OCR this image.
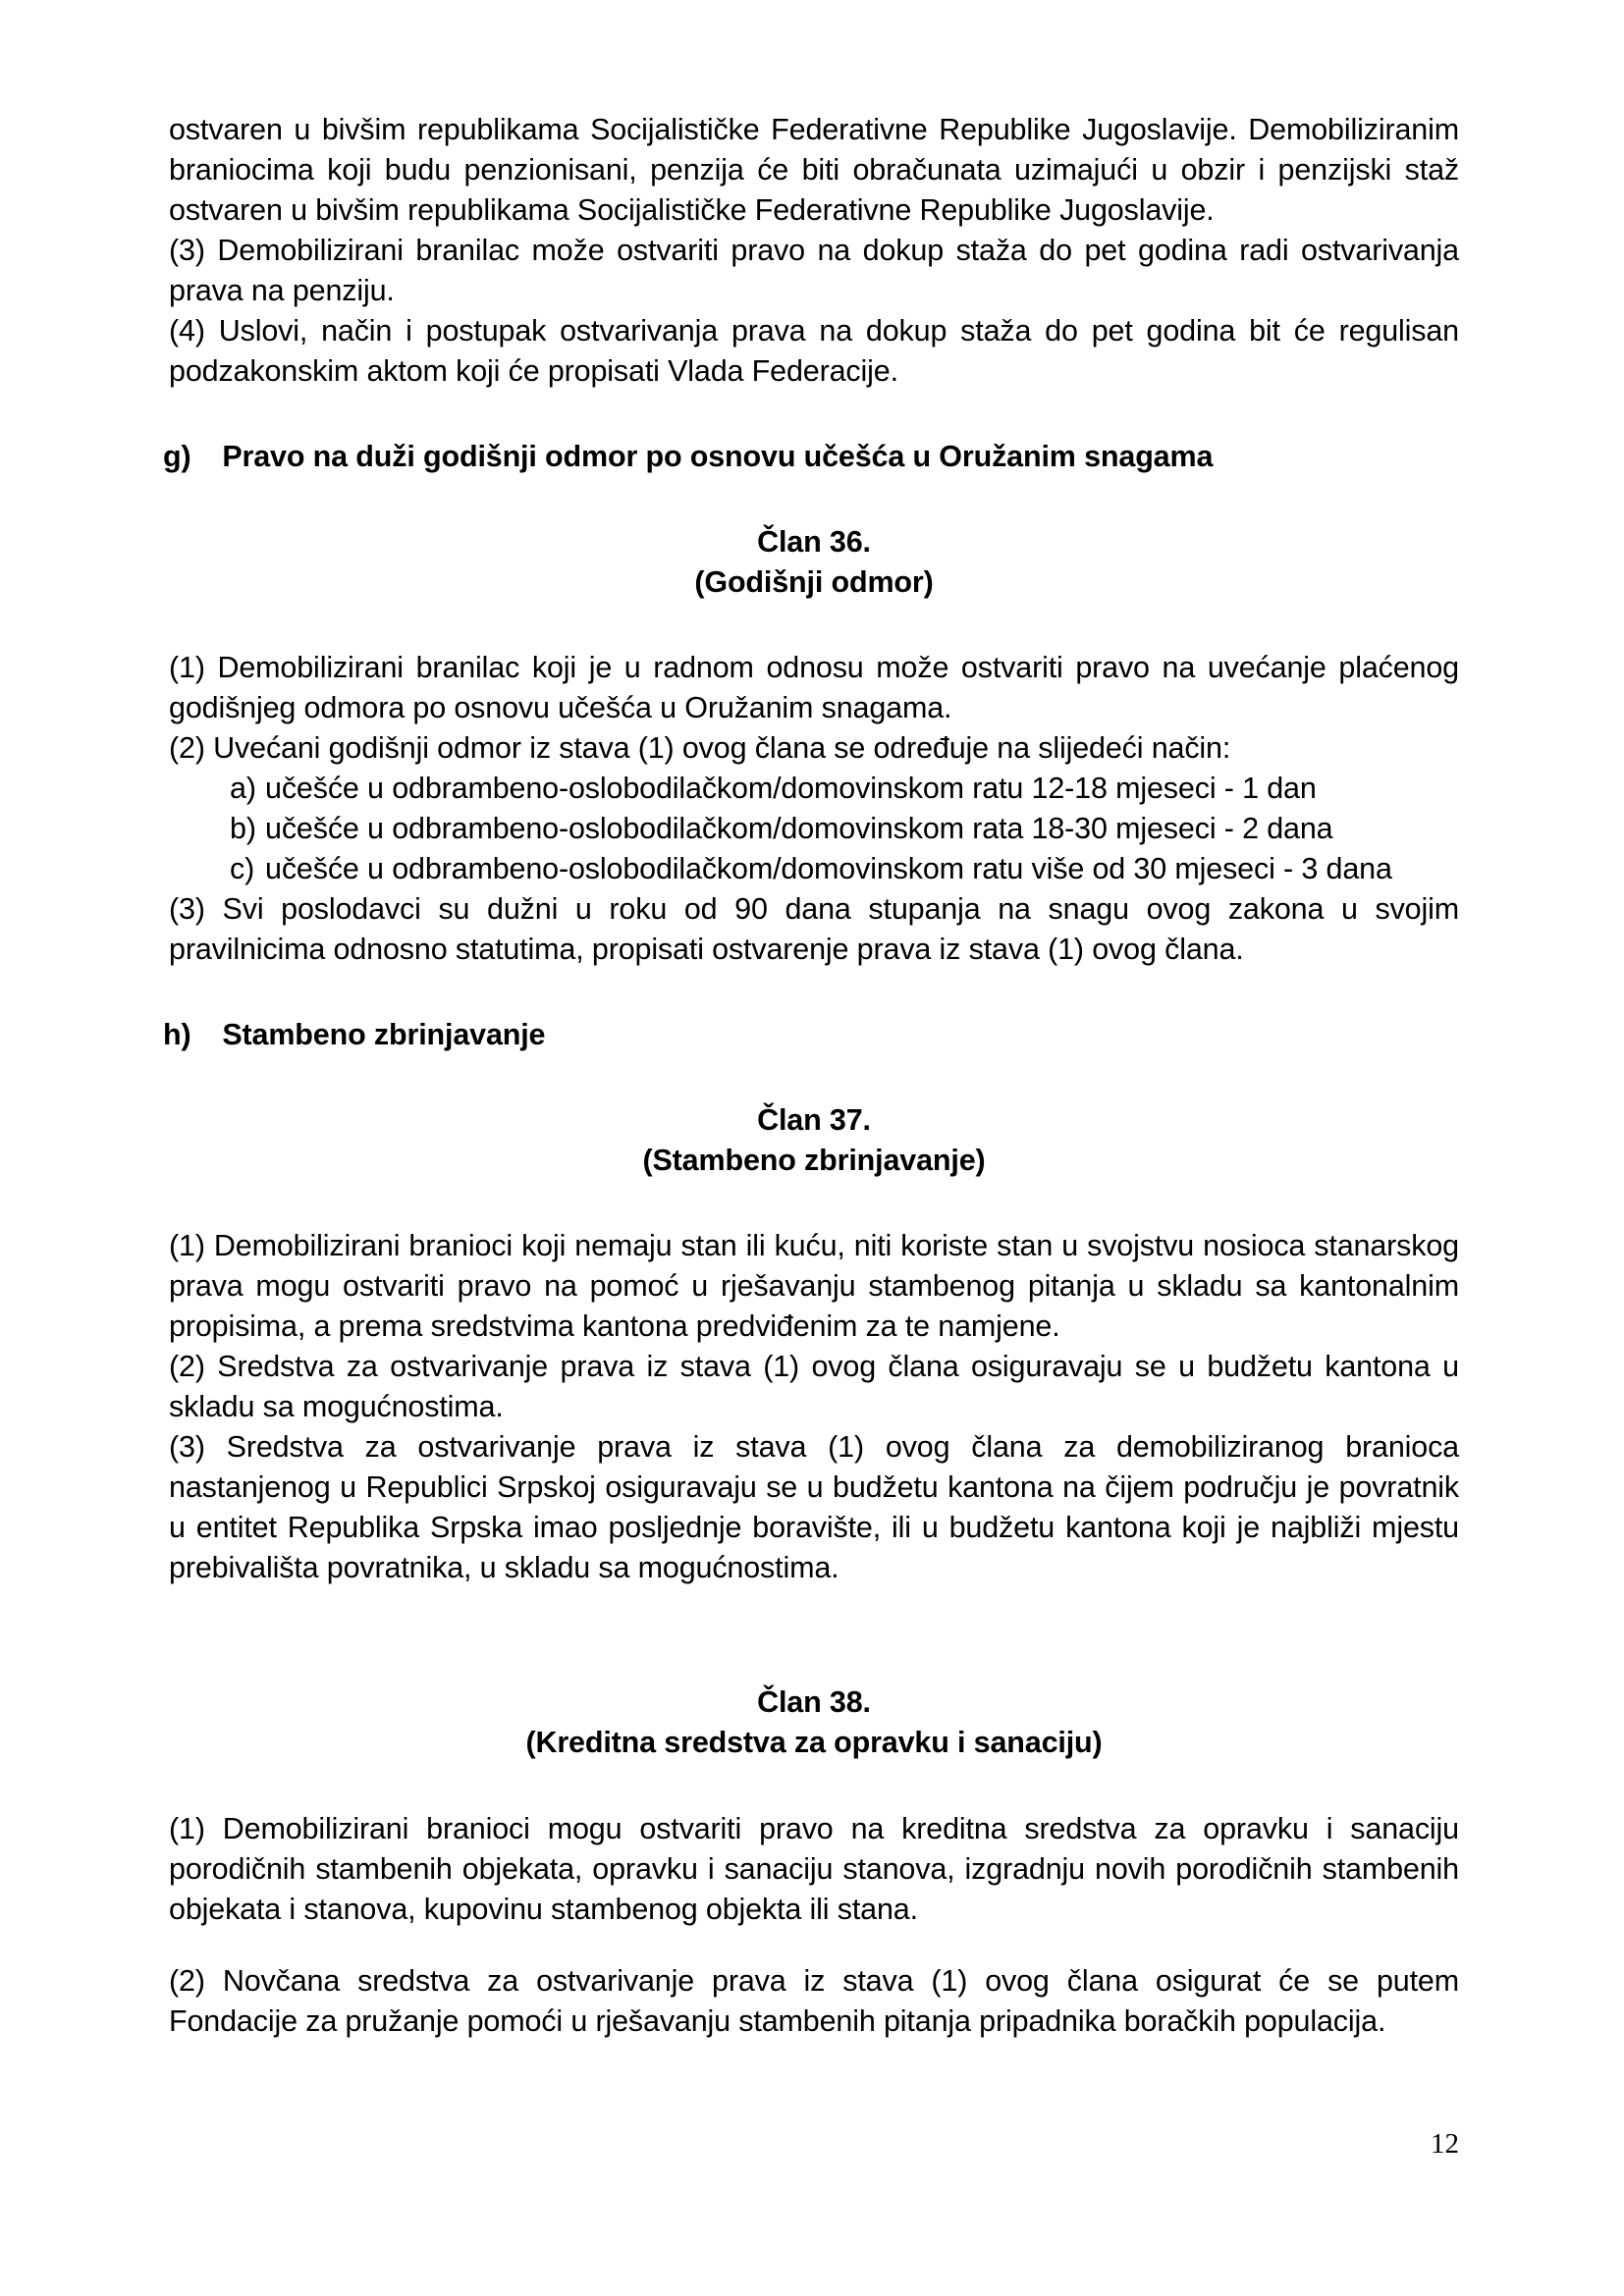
ostvaren u bivšim republikama Socijalističke Federativne Republike Jugoslavije. Demobiliziranim braniocima koji budu penzionisani, penzija će biti obračunata uzimajući u obzir i penzijski staž ostvaren u bivšim republikama Socijalističke Federativne Republike Jugoslavije.

(3) Demobilizirani branilac može ostvariti pravo na dokup staža do pet godina radi ostvarivanja prava na penziju.

(4) Uslovi, način i postupak ostvarivanja prava na dokup staža do pet godina bit će regulisan podzakonskim aktom koji će propisati Vlada Federacije.

g) Pravo na duži godišnji odmor po osnovu učešća u Oružanim snagama

Član 36.

(Godišnji odmor)

(1) Demobilizirani branilac koji je u radnom odnosu može ostvariti pravo na uvećanje plaćenog godišnjeg odmora po osnovu učešća u Oružanim snagama.

(2) Uvećani godišnji odmor iz stava (1) ovog člana se određuje na slijedeći način:

a) učešće u odbrambeno-oslobodilačkom/domovinskom ratu 12-18 mjeseci - 1 dan
b) učešće u odbrambeno-oslobodilačkom/domovinskom rata 18-30 mjeseci - 2 dana
c) učešće u odbrambeno-oslobodilačkom/domovinskom ratu više od 30 mjeseci - 3 dana

(3) Svi poslodavci su dužni u roku od 90 dana stupanja na snagu ovog zakona u svojim pravilnicima odnosno statutima, propisati ostvarenje prava iz stava (1) ovog člana.

h) Stambeno zbrinjavanje

Član 37.

(Stambeno zbrinjavanje)

(1) Demobilizirani branioci koji nemaju stan ili kuću, niti koriste stan u svojstvu nosioca stanarskog prava mogu ostvariti pravo na pomoć u rješavanju stambenog pitanja u skladu sa kantonalnim propisima, a prema sredstvima kantona predviđenim za te namjene.

(2) Sredstva za ostvarivanje prava iz stava (1) ovog člana osiguravaju se u budžetu kantona u skladu sa mogućnostima.

(3) Sredstva za ostvarivanje prava iz stava (1) ovog člana za demobiliziranog branioca nastanjenog u Republici Srpskoj osiguravaju se u budžetu kantona na čijem području je povratnik u entitet Republika Srpska imao posljednje boravište, ili u budžetu kantona koji je najbliži mjestu prebivališta povratnika, u skladu sa mogućnostima.

Član 38.

(Kreditna sredstva za opravku i sanaciju)

(1) Demobilizirani branioci mogu ostvariti pravo na kreditna sredstva za opravku i sanaciju porodičnih stambenih objekata, opravku i sanaciju stanova, izgradnju novih porodičnih stambenih objekata i stanova, kupovinu stambenog objekta ili stana.

(2) Novčana sredstva za ostvarivanje prava iz stava (1) ovog člana osigurat će se putem Fondacije za pružanje pomoći u rješavanju stambenih pitanja pripadnika boračkih populacija.

12
